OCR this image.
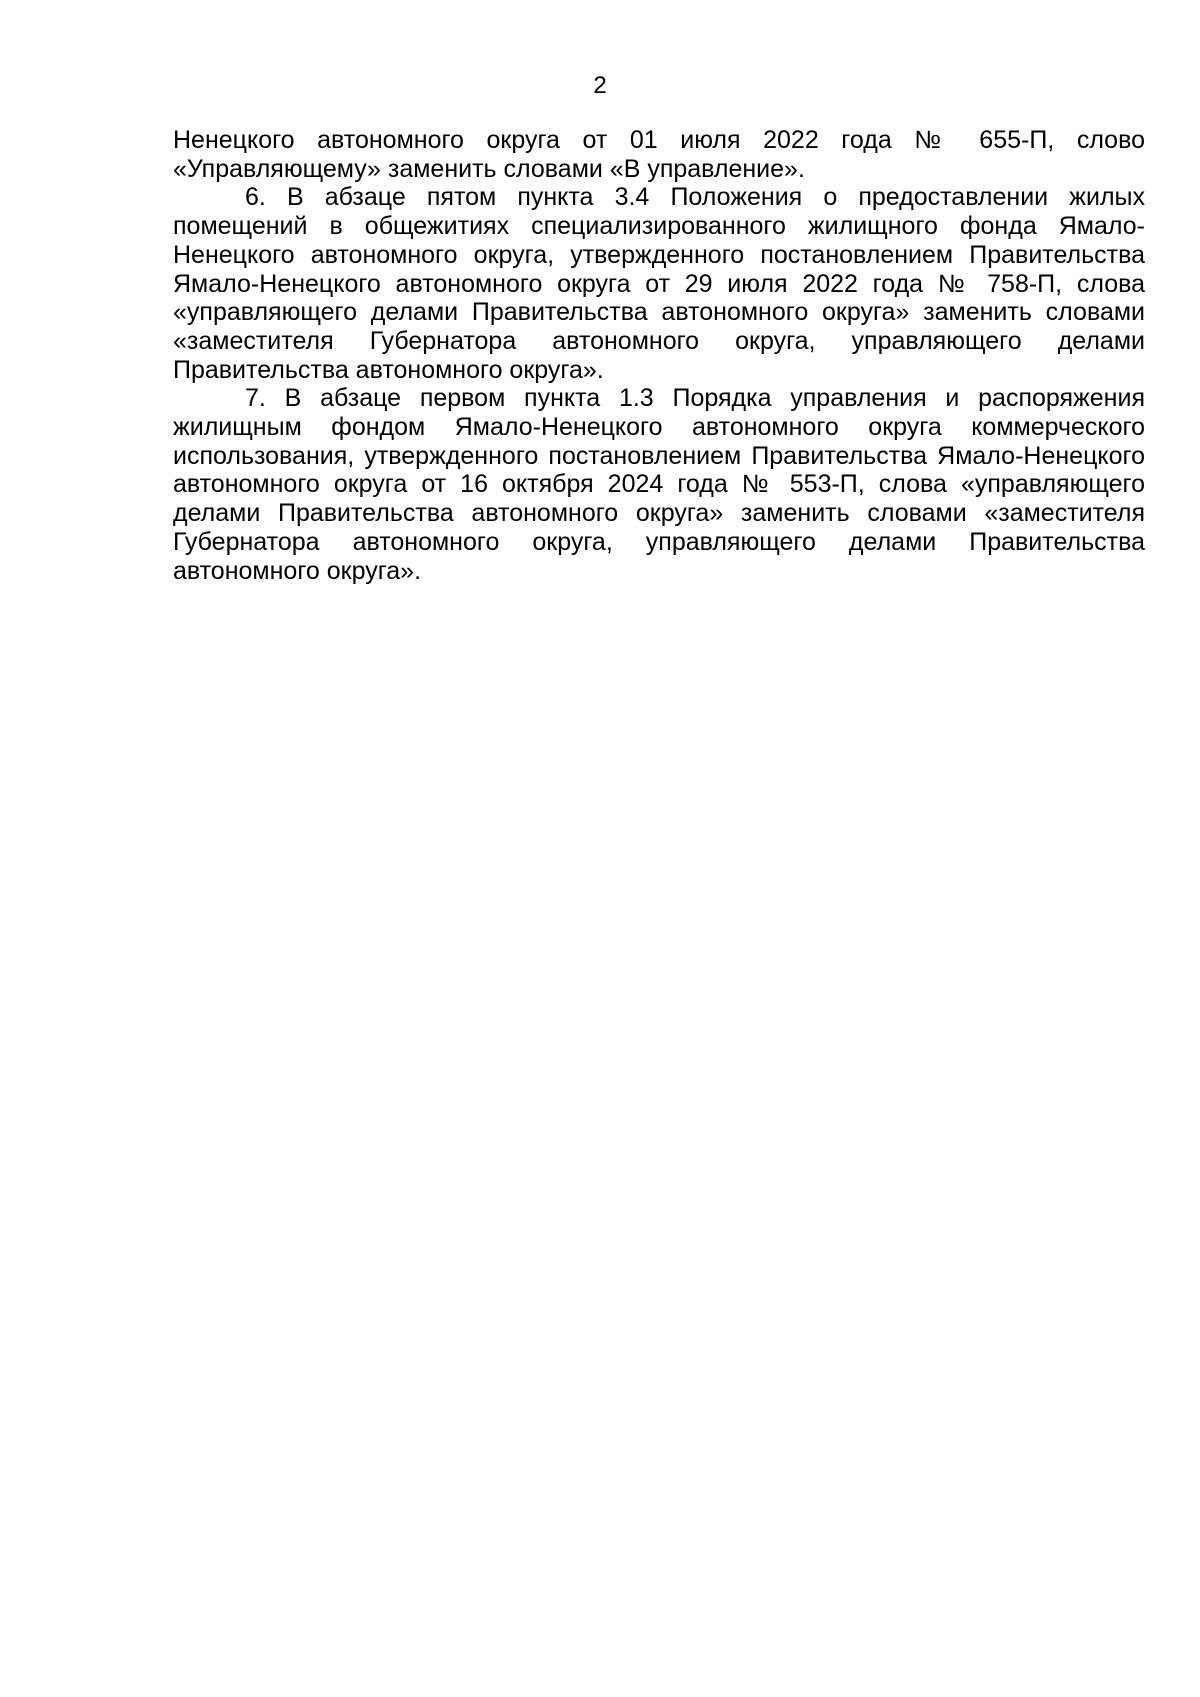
2

Ненецкого автономного округа от 01 июля 2022 года № 655-П, слово «Управляющему» заменить словами «В управление».

6. В абзаце пятом пункта 3.4 Положения о предоставлении жилых помещений в общежитиях специализированного жилищного фонда Ямало-Ненецкого автономного округа, утвержденного постановлением Правительства Ямало-Ненецкого автономного округа от 29 июля 2022 года № 758-П, слова «управляющего делами Правительства автономного округа» заменить словами «заместителя Губернатора автономного округа, управляющего делами Правительства автономного округа».

7. В абзаце первом пункта 1.3 Порядка управления и распоряжения жилищным фондом Ямало-Ненецкого автономного округа коммерческого использования, утвержденного постановлением Правительства Ямало-Ненецкого автономного округа от 16 октября 2024 года № 553-П, слова «управляющего делами Правительства автономного округа» заменить словами «заместителя Губернатора автономного округа, управляющего делами Правительства автономного округа».
